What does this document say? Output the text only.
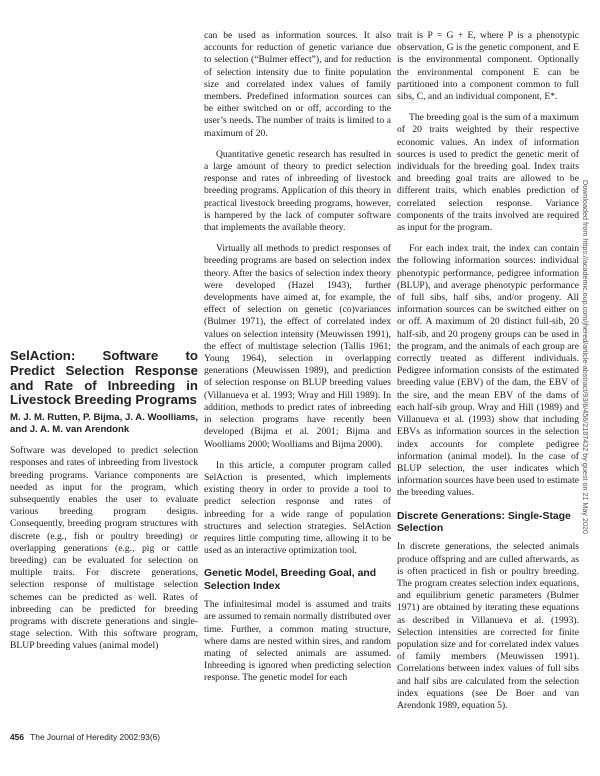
SelAction: Software to Predict Selection Response and Rate of Inbreeding in Livestock Breeding Programs
M. J. M. Rutten, P. Bijma, J. A. Woolliams, and J. A. M. van Arendonk

Software was developed to predict selection responses and rates of inbreeding from livestock breeding programs. Variance components are needed as input for the program, which subsequently enables the user to evaluate various breeding program designs. Consequently, breeding program structures with discrete (e.g., fish or poultry breeding) or overlapping generations (e.g., pig or cattle breeding) can be evaluated for selection on multiple traits. For discrete generations, selection response of multistage selection schemes can be predicted as well. Rates of inbreeding can be predicted for breeding programs with discrete generations and single-stage selection. With this software program, BLUP breeding values (animal model)

can be used as information sources. It also accounts for reduction of genetic variance due to selection (“Bulmer effect”), and for reduction of selection intensity due to finite population size and correlated index values of family members. Predefined information sources can be either switched on or off, according to the user’s needs. The number of traits is limited to a maximum of 20.

Quantitative genetic research has resulted in a large amount of theory to predict selection response and rates of inbreeding of livestock breeding programs. Application of this theory in practical livestock breeding programs, however, is hampered by the lack of computer software that implements the available theory.

Virtually all methods to predict responses of breeding programs are based on selection index theory. After the basics of selection index theory were developed (Hazel 1943), further developments have aimed at, for example, the effect of selection on genetic (co)variances (Bulmer 1971), the effect of correlated index values on selection intensity (Meuwissen 1991), the effect of multistage selection (Tallis 1961; Young 1964), selection in overlapping generations (Meuwissen 1989), and prediction of selection response on BLUP breeding values (Villanueva et al. 1993; Wray and Hill 1989). In addition, methods to predict rates of inbreeding in selection programs have recently been developed (Bijma et al. 2001; Bijma and Woolliams 2000; Woolliams and Bijma 2000).

In this article, a computer program called SelAction is presented, which implements existing theory in order to provide a tool to predict selection response and rates of inbreeding for a wide range of population structures and selection strategies. SelAction requires little computing time, allowing it to be used as an interactive optimization tool.

Genetic Model, Breeding Goal, and Selection Index

The infinitesimal model is assumed and traits are assumed to remain normally distributed over time. Further, a common mating structure, where dams are nested within sires, and random mating of selected animals are assumed. Inbreeding is ignored when predicting selection response. The genetic model for each

trait is P = G + E, where P is a phenotypic observation, G is the genetic component, and E is the environmental component. Optionally the environmental component E can be partitioned into a component common to full sibs, C, and an individual component, E*.

The breeding goal is the sum of a maximum of 20 traits weighted by their respective economic values. An index of information sources is used to predict the genetic merit of individuals for the breeding goal. Index traits and breeding goal traits are allowed to be different traits, which enables prediction of correlated selection response. Variance components of the traits involved are required as input for the program.

For each index trait, the index can contain the following information sources: individual phenotypic performance, pedigree information (BLUP), and average phenotypic performance of full sibs, half sibs, and/or progeny. All information sources can be switched either on or off. A maximum of 20 distinct full-sib, 20 half-sib, and 20 progeny groups can be used in the program, and the animals of each group are correctly treated as different individuals. Pedigree information consists of the estimated breeding value (EBV) of the dam, the EBV of the sire, and the mean EBV of the dams of each half-sib group. Wray and Hill (1989) and Villanueva et al. (1993) show that including EBVs as information sources in the selection index accounts for complete pedigree information (animal model). In the case of BLUP selection, the user indicates which information sources have been used to estimate the breeding values.

Discrete Generations: Single-Stage Selection

In discrete generations, the selected animals produce offspring and are culled afterwards, as is often practiced in fish or poultry breeding. The program creates selection index equations, and equilibrium genetic parameters (Bulmer 1971) are obtained by iterating these equations as described in Villanueva et al. (1993). Selection intensities are corrected for finite population size and for correlated index values of family members (Meuwissen 1991). Correlations between index values of full sibs and half sibs are calculated from the selection index equations (see De Boer and van Arendonk 1989, equation 5).

456 The Journal of Heredity 2002:93(6)
Downloaded from https://academic.oup.com/jhered/article-abstract/93/6/456/2187432 by guest on 21 May 2020
